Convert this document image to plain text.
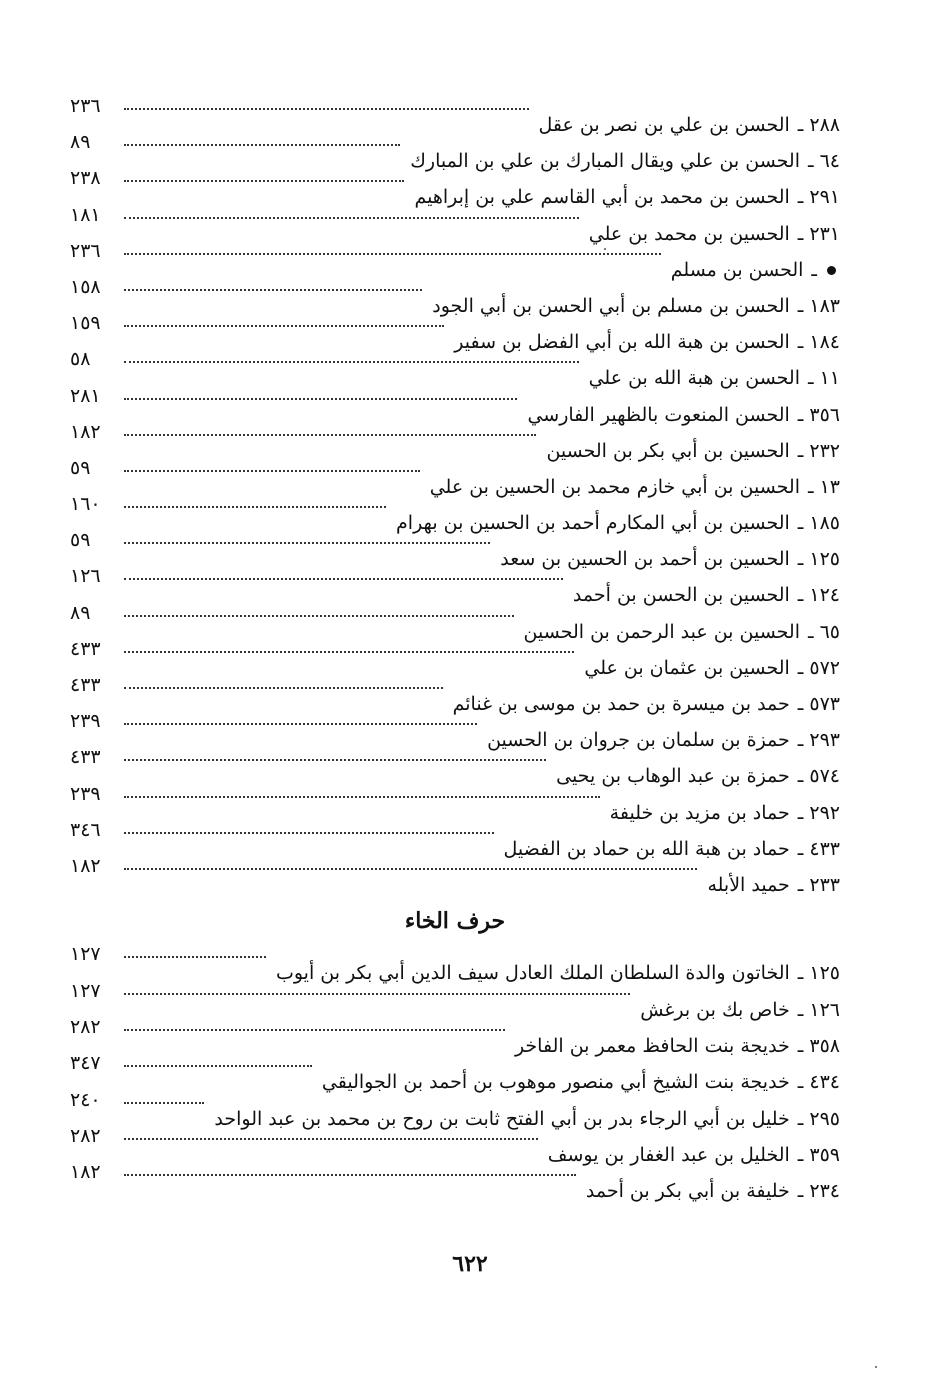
٢٨٨
ـ
الحسن بن علي بن نصر بن عقل
٢٣٦
٦٤
ـ
الحسن بن علي ويقال المبارك بن علي بن المبارك
٨٩
٢٩١
ـ
الحسن بن محمد بن أبي القاسم علي بن إبراهيم
٢٣٨
٢٣١
ـ
الحسين بن محمد بن علي
١٨١
ـ
الحسن بن مسلم
٢٣٦
١٨٣
ـ
الحسن بن مسلم بن أبي الحسن بن أبي الجود
١٥٨
١٨٤
ـ
الحسن بن هبة الله بن أبي الفضل بن سفير
١٥٩
١١
ـ
الحسن بن هبة الله بن علي
٥٨
٣٥٦
ـ
الحسن المنعوت بالظهير الفارسي
٢٨١
٢٣٢
ـ
الحسين بن أبي بكر بن الحسين
١٨٢
١٣
ـ
الحسين بن أبي خازم محمد بن الحسين بن علي
٥٩
١٨٥
ـ
الحسين بن أبي المكارم أحمد بن الحسين بن بهرام
١٦٠
١٢٥
ـ
الحسين بن أحمد بن الحسين بن سعد
٥٩
١٢٤
ـ
الحسين بن الحسن بن أحمد
١٢٦
٦٥
ـ
الحسين بن عبد الرحمن بن الحسين
٨٩
٥٧٢
ـ
الحسين بن عثمان بن علي
٤٣٣
٥٧٣
ـ
حمد بن ميسرة بن حمد بن موسى بن غنائم
٤٣٣
٢٩٣
ـ
حمزة بن سلمان بن جروان بن الحسين
٢٣٩
٥٧٤
ـ
حمزة بن عبد الوهاب بن يحيى
٤٣٣
٢٩٢
ـ
حماد بن مزيد بن خليفة
٢٣٩
٤٣٣
ـ
حماد بن هبة الله بن حماد بن الفضيل
٣٤٦
٢٣٣
ـ
حميد الأبله
١٨٢
حرف الخاء
١٢٥
ـ
الخاتون والدة السلطان الملك العادل سيف الدين أبي بكر بن أيوب
١٢٧
١٢٦
ـ
خاص بك بن برغش
١٢٧
٣٥٨
ـ
خديجة بنت الحافظ معمر بن الفاخر
٢٨٢
٤٣٤
ـ
خديجة بنت الشيخ أبي منصور موهوب بن أحمد بن الجواليقي
٣٤٧
٢٩٥
ـ
خليل بن أبي الرجاء بدر بن أبي الفتح ثابت بن روح بن محمد بن عبد الواحد
٢٤٠
٣٥٩
ـ
الخليل بن عبد الغفار بن يوسف
٢٨٢
٢٣٤
ـ
خليفة بن أبي بكر بن أحمد
١٨٢
٦٢٢
